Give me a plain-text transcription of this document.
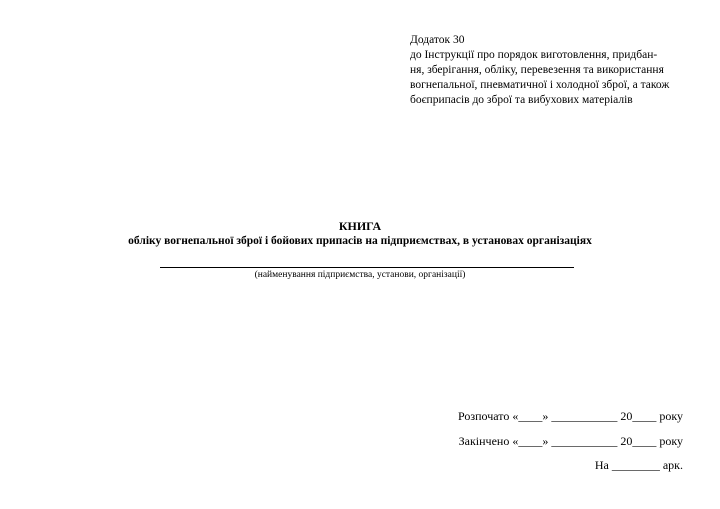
Додаток 30
до Інструкції про порядок виготовлення, придбан-
ня, зберігання, обліку, перевезення та використання
вогнепальної, пневматичної і холодної зброї, а також
боєприпасів до зброї та вибухових матеріалів
КНИГА
обліку вогнепальної зброї і бойових припасів на підприємствах, в установах організаціях
(найменування підприємства, установи, організації)
Розпочато «____» ___________ 20____ року
Закінчено «____» ___________ 20____ року
На ________ арк.
